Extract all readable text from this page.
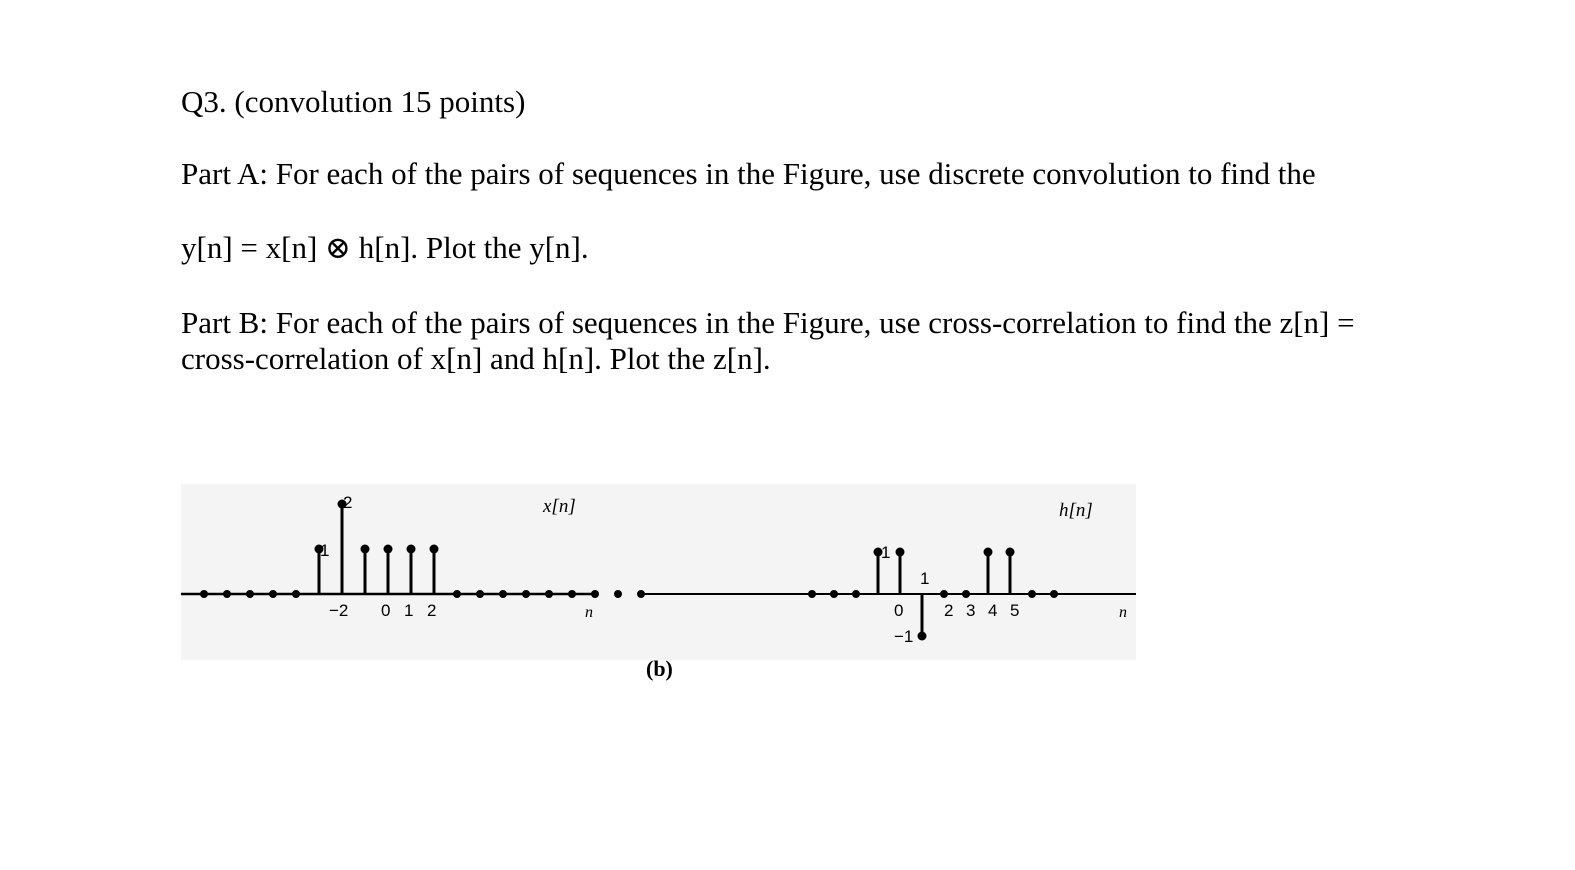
Q3. (convolution 15 points)
Part A: For each of the pairs of sequences in the Figure, use discrete convolution to find the
y[n] = x[n] ⊗ h[n]. Plot the y[n].
Part B: For each of the pairs of sequences in the Figure, use cross-correlation to find the z[n] =
cross-correlation of x[n] and h[n]. Plot the z[n].
x[n]
n
−2 0 1 2
2
1
h[n]
n
0 2 3 4 5
1
1
−1
(b)
